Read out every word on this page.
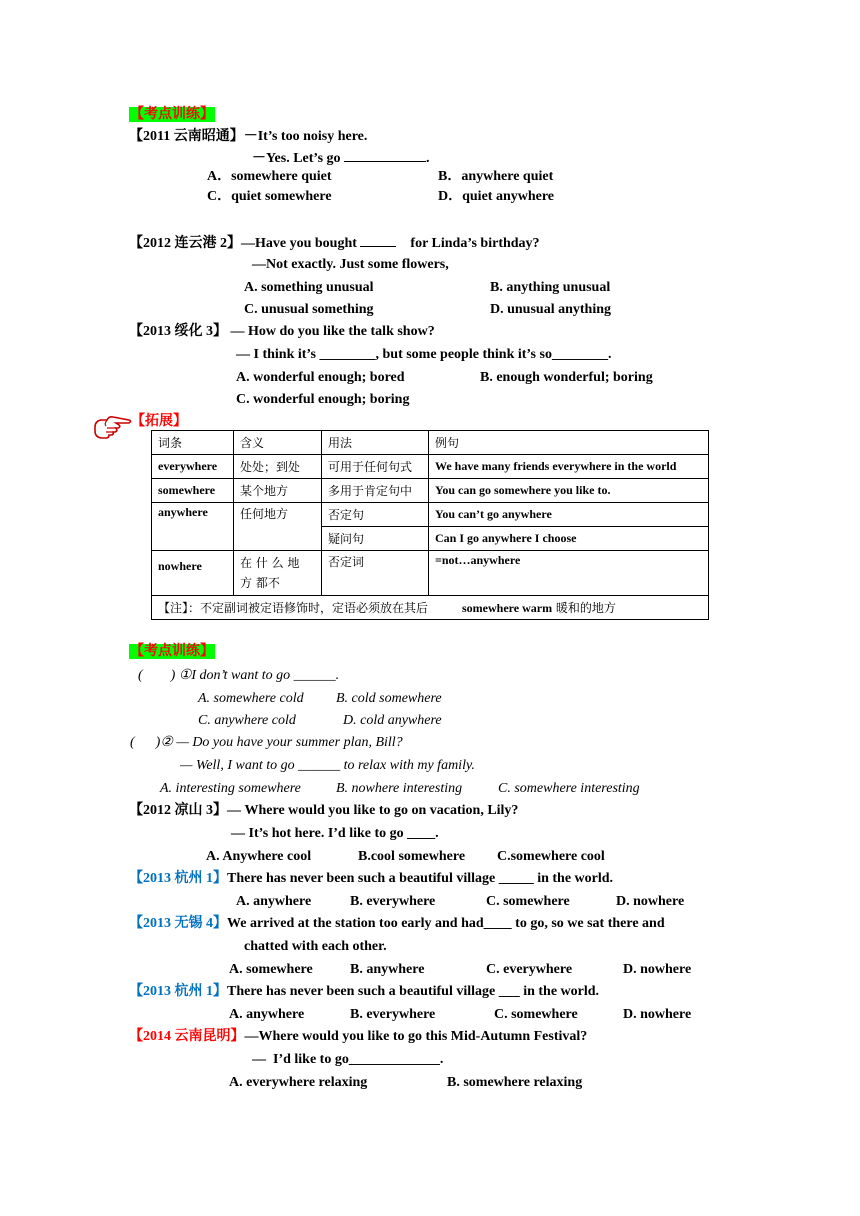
【考点训练】
【2011 云南昭通】－It’s too noisy here.
－Yes. Let’s go	.
A．somewhere quiet	B．anywhere quiet
C．quiet somewhere	D．quiet anywhere
【2012 连云港 2】—Have you bought	for Linda’s birthday?
—Not exactly. Just some flowers,
A. something unusual	B. anything unusual
C. unusual something	D. unusual anything
【2013 绥化 3】 — How do you like the talk show?
— I think it’s ________, but some people think it’s so________.
A. wonderful enough; bored	B. enough wonderful; boring
C. wonderful enough; boring
【拓展】
词条	含义	用法	例句
everywhere	处处；到处	可用于任何句式	We have many friends everywhere in the world
somewhere	某个地方	多用于肯定句中	You can go somewhere you like to.
anywhere	任何地方	否定句	You can’t go anywhere
		疑问句	Can I go anywhere I choose
nowhere	在 什 么 地 方 都不	否定词	=not…anywhere
【注】：不定副词被定语修饰时，定语必须放在其后 somewhere warm 暖和的地方			
【考点训练】
(        ) ①I don’t want to go ______.
A. somewhere cold B. cold somewhere
C. anywhere cold	D. cold anywhere
(      )② — Do you have your summer plan, Bill?
— Well, I want to go ______ to relax with my family.
A. interesting somewhere	B. nowhere interesting	C. somewhere interesting
【2012 凉山 3】— Where would you like to go on vacation, Lily?
— It’s hot here. I’d like to go ____.
A. Anywhere cool	B.cool somewhere C.somewhere cool
【2013 杭州 1】There has never been such a beautiful village _____ in the world.
A. anywhere	B. everywhere	C. somewhere	D. nowhere
【2013 无锡 4】We arrived at the station too early and had____ to go, so we sat there and
chatted with each other.
A. somewhere	B. anywhere	C. everywhere	D. nowhere
【2013 杭州 1】There has never been such a beautiful village ___ in the world.
A. anywhere	B. everywhere	C. somewhere	D. nowhere
【2014 云南昆明】—Where would you like to go this Mid-Autumn Festival?
—  I’d like to go_____________.
A. everywhere relaxing	B. somewhere relaxing
